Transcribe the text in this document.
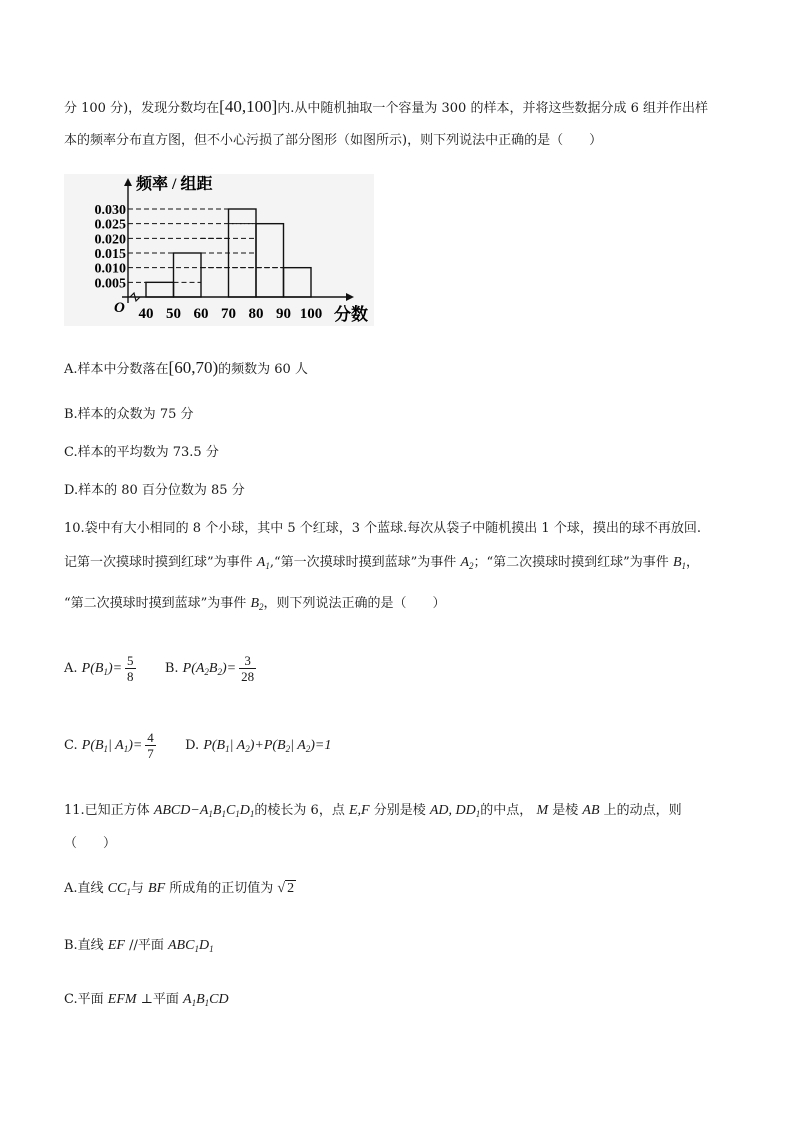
分 100 分)，发现分数均在[40,100]内.从中随机抽取一个容量为 300 的样本，并将这些数据分成 6 组并作出样
本的频率分布直方图，但不小心污损了部分图形（如图所示)，则下列说法中正确的是（　　）
频率 / 组距
分数
O
0.005
0.010
0.015
0.020
0.025
0.030
40 50 60 70 80 90 100
A.样本中分数落在[60,70)的频数为 60 人
B.样本的众数为 75 分
C.样本的平均数为 73.5 分
D.样本的 80 百分位数为 85 分
10.袋中有大小相同的 8 个小球，其中 5 个红球，3 个蓝球.每次从袋子中随机摸出 1 个球，摸出的球不再放回.
记第一次摸球时摸到红球”为事件 $A_1,“$第一次摸球时摸到蓝球”为事件 $A_2$；“第二次摸球时摸到红球”为事件 $B_1$，
“第二次摸球时摸到蓝球”为事件 $B_2$，则下列说法正确的是（　　）
A. $P(B_1)= \frac{5}{8} B$. $P(A_2B_2)= \frac{3}{28}$
C. $P(B_1|$ $A_1)= \frac{4}{7} D$. $P(B_1|$ $A_2)+P(B_2|$ $A_2)=1$
11.已知正方体 $ABCD-A_1B_1C_1D_1$的棱长为 6，点 E,F 分别是棱 AD, $DD_1$的中点， M 是棱 AB 上的动点，则
（　　）
A.直线 $CC_1$与 BF 所成角的正切值为 √ 2
B.直线 EF //平面 $ABC_1D_1$
C.平面 EFM ⊥平面 $A_1B_1CD$
